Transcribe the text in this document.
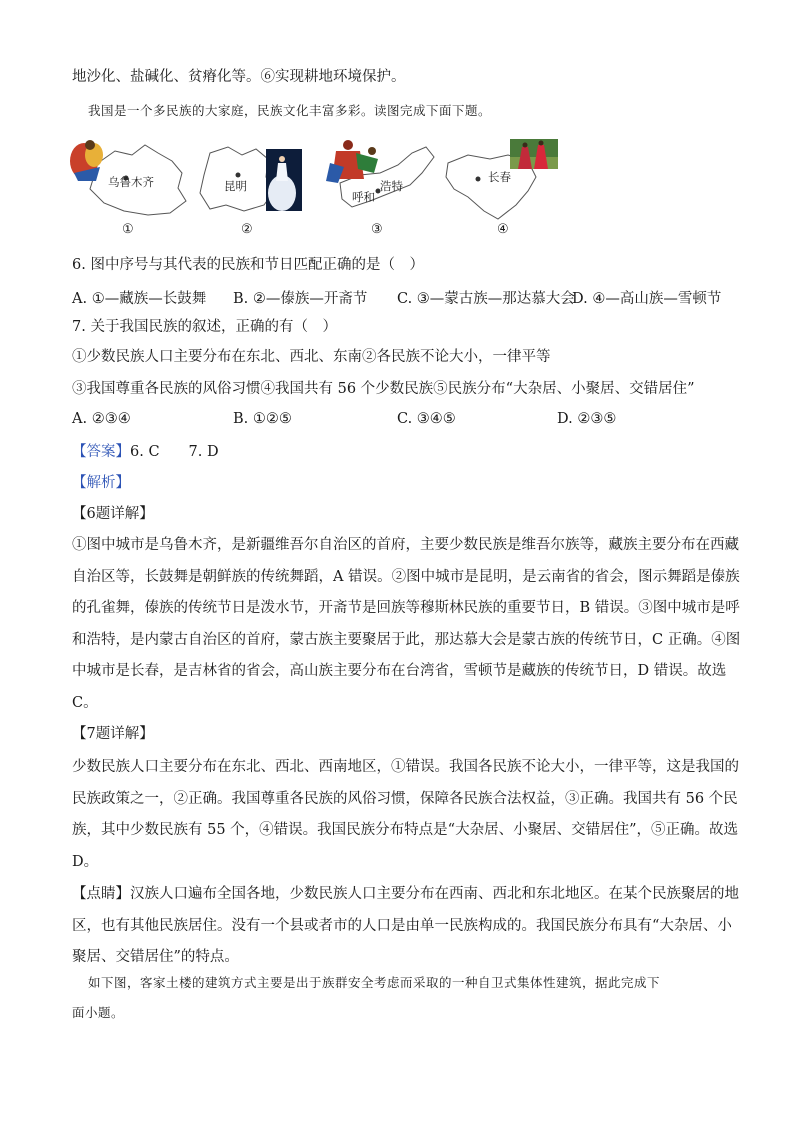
地沙化、盐碱化、贫瘠化等。⑥实现耕地环境保护。
我国是一个多民族的大家庭，民族文化丰富多彩。读图完成下面下题。
乌鲁木齐	昆明	浩特
呼和
长春
①	②	③	④
6. 图中序号与其代表的民族和节日匹配正确的是（　）
A. ①—藏族—长鼓舞 B. ②—傣族—开斋节 C. ③—蒙古族—那达慕大会
D. ④—高山族—雪顿节
7. 关于我国民族的叙述，正确的有（　）
①少数民族人口主要分布在东北、西北、东南②各民族不论大小，一律平等
③我国尊重各民族的风俗习惯④我国共有 56 个少数民族⑤民族分布“大杂居、小聚居、交错居住”
A. ②③④	B. ①②⑤	C. ③④⑤	D. ②③⑤
【答案】6. C　　7. D
【解析】
【6题详解】
①图中城市是乌鲁木齐，是新疆维吾尔自治区的首府，主要少数民族是维吾尔族等，藏族主要分布在西藏
自治区等，长鼓舞是朝鲜族的传统舞蹈，A 错误。②图中城市是昆明，是云南省的省会，图示舞蹈是傣族
的孔雀舞，傣族的传统节日是泼水节，开斋节是回族等穆斯林民族的重要节日，B 错误。③图中城市是呼
和浩特，是内蒙古自治区的首府，蒙古族主要聚居于此，那达慕大会是蒙古族的传统节日，C 正确。④图
中城市是长春，是吉林省的省会，高山族主要分布在台湾省，雪顿节是藏族的传统节日，D 错误。故选
C。
【7题详解】
少数民族人口主要分布在东北、西北、西南地区，①错误。我国各民族不论大小，一律平等，这是我国的
民族政策之一，②正确。我国尊重各民族的风俗习惯，保障各民族合法权益，③正确。我国共有 56 个民
族，其中少数民族有 55 个，④错误。我国民族分布特点是“大杂居、小聚居、交错居住”，⑤正确。故选
D。
【点睛】汉族人口遍布全国各地，少数民族人口主要分布在西南、西北和东北地区。在某个民族聚居的地
区，也有其他民族居住。没有一个县或者市的人口是由单一民族构成的。我国民族分布具有“大杂居、小
聚居、交错居住”的特点。
如下图，客家土楼的建筑方式主要是出于族群安全考虑而采取的一种自卫式集体性建筑，据此完成下
面小题。
